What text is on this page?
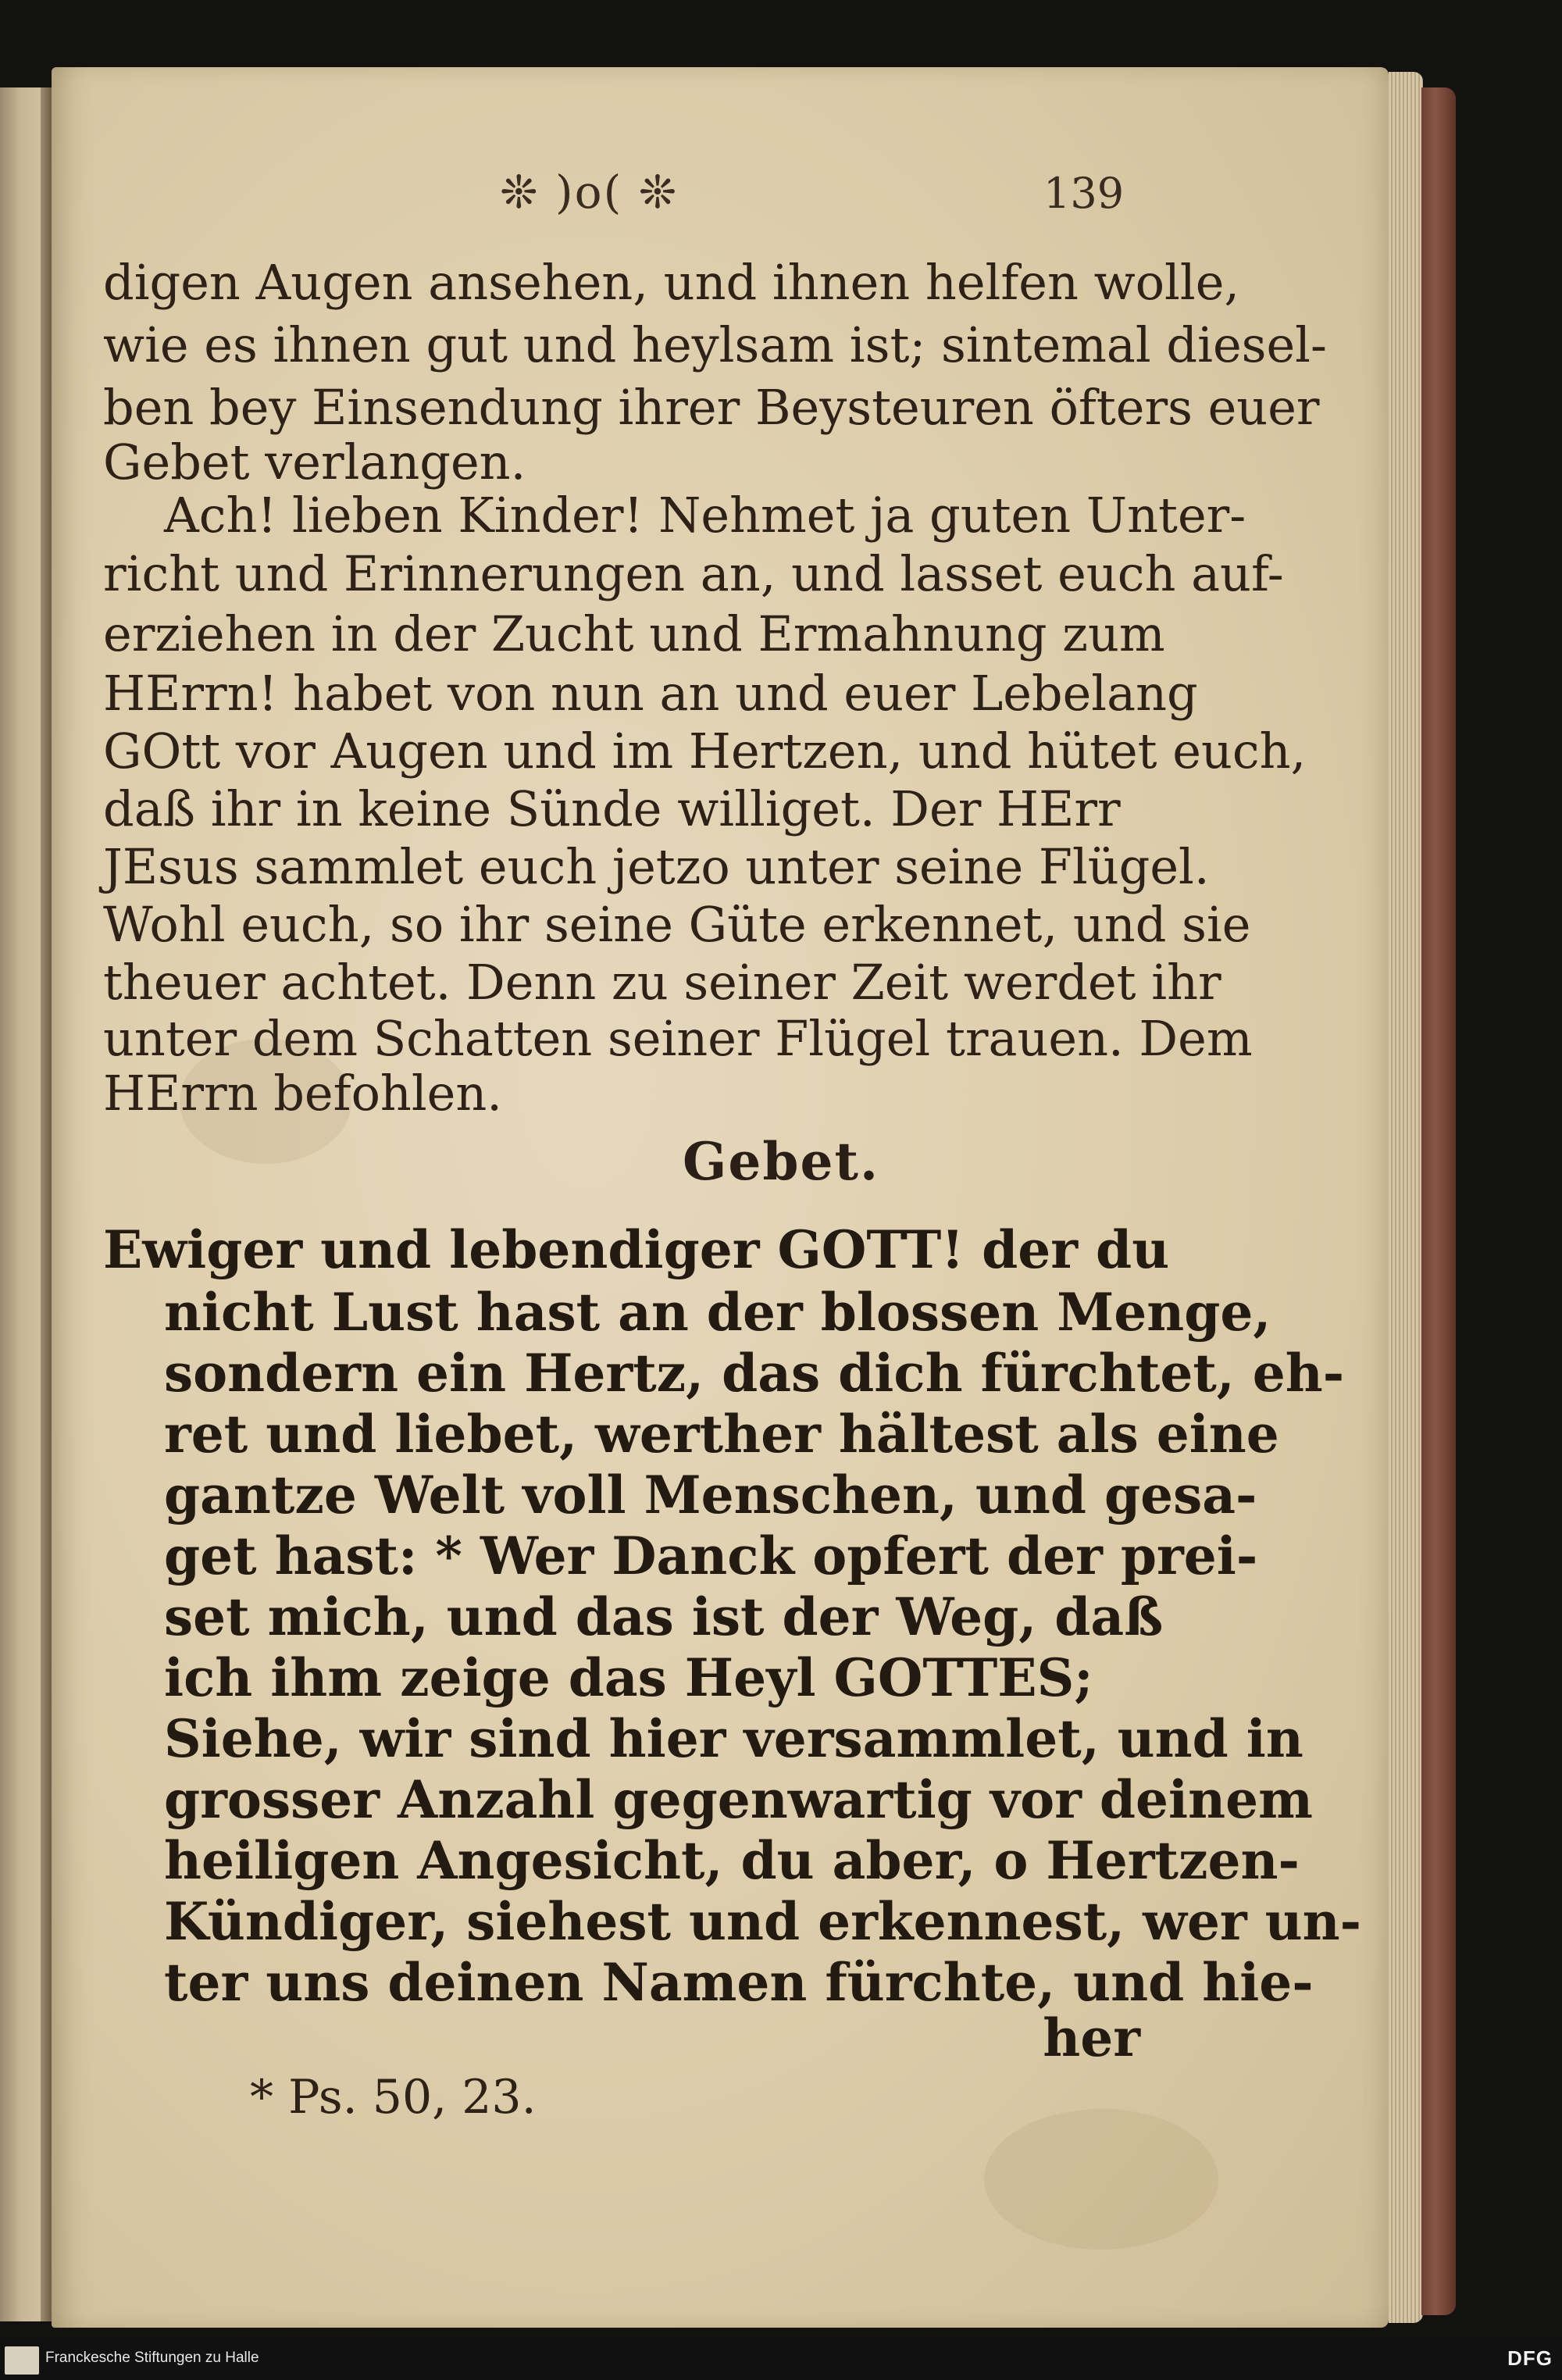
❊ )o( ❊	139
digen Augen ansehen, und ihnen helfen wolle,
wie es ihnen gut und heylsam ist; sintemal diesel-
ben bey Einsendung ihrer Beysteuren öfters euer
Gebet verlangen.
Ach! lieben Kinder! Nehmet ja guten Unter-
richt und Erinnerungen an, und lasset euch auf-
erziehen in der Zucht und Ermahnung zum
HErrn! habet von nun an und euer Lebelang
GOtt vor Augen und im Hertzen, und hütet euch,
daß ihr in keine Sünde williget. Der HErr
JEsus sammlet euch jetzo unter seine Flügel.
Wohl euch, so ihr seine Güte erkennet, und sie
theuer achtet. Denn zu seiner Zeit werdet ihr
unter dem Schatten seiner Flügel trauen. Dem
HErrn befohlen.
Gebet.
Ewiger und lebendiger GOTT! der du
nicht Lust hast an der blossen Menge,
sondern ein Hertz, das dich fürchtet, eh-
ret und liebet, werther hältest als eine
gantze Welt voll Menschen, und gesa-
get hast: * Wer Danck opfert der prei-
set mich, und das ist der Weg, daß
ich ihm zeige das Heyl GOTTES;
Siehe, wir sind hier versammlet, und in
grosser Anzahl gegenwartig vor deinem
heiligen Angesicht, du aber, o Hertzen-
Kündiger, siehest und erkennest, wer un-
ter uns deinen Namen fürchte, und hie-
her
* Ps. 50, 23.
Franckesche Stiftungen zu Halle	DFG
